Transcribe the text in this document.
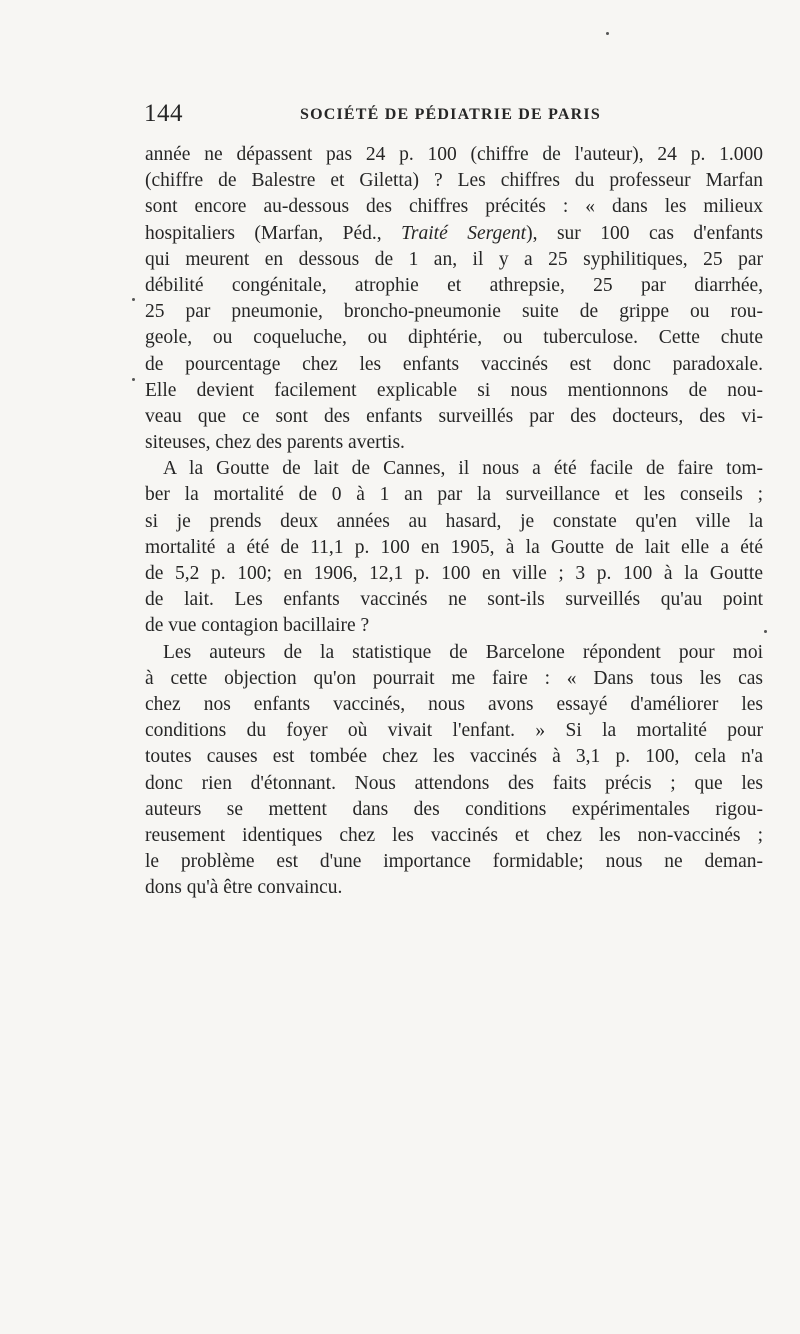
144	SOCIÉTÉ DE PÉDIATRIE DE PARIS
année ne dépassent pas 24 p. 100 (chiffre de l'auteur), 24 p. 1.000
(chiffre de Balestre et Giletta) ? Les chiffres du professeur Marfan
sont encore au-dessous des chiffres précités : « dans les milieux
hospitaliers (Marfan, Péd., Traité Sergent), sur 100 cas d'enfants
qui meurent en dessous de 1 an, il y a 25 syphilitiques, 25 par
débilité congénitale, atrophie et athrepsie, 25 par diarrhée,
25 par pneumonie, broncho-pneumonie suite de grippe ou rou-
geole, ou coqueluche, ou diphtérie, ou tuberculose. Cette chute
de pourcentage chez les enfants vaccinés est donc paradoxale.
Elle devient facilement explicable si nous mentionnons de nou-
veau que ce sont des enfants surveillés par des docteurs, des vi-
siteuses, chez des parents avertis.
A la Goutte de lait de Cannes, il nous a été facile de faire tom-
ber la mortalité de 0 à 1 an par la surveillance et les conseils ;
si je prends deux années au hasard, je constate qu'en ville la
mortalité a été de 11,1 p. 100 en 1905, à la Goutte de lait elle a été
de 5,2 p. 100; en 1906, 12,1 p. 100 en ville ; 3 p. 100 à la Goutte
de lait. Les enfants vaccinés ne sont-ils surveillés qu'au point
de vue contagion bacillaire ?
Les auteurs de la statistique de Barcelone répondent pour moi
à cette objection qu'on pourrait me faire : « Dans tous les cas
chez nos enfants vaccinés, nous avons essayé d'améliorer les
conditions du foyer où vivait l'enfant. » Si la mortalité pour
toutes causes est tombée chez les vaccinés à 3,1 p. 100, cela n'a
donc rien d'étonnant. Nous attendons des faits précis ; que les
auteurs se mettent dans des conditions expérimentales rigou-
reusement identiques chez les vaccinés et chez les non-vaccinés ;
le problème est d'une importance formidable; nous ne deman-
dons qu'à être convaincu.
